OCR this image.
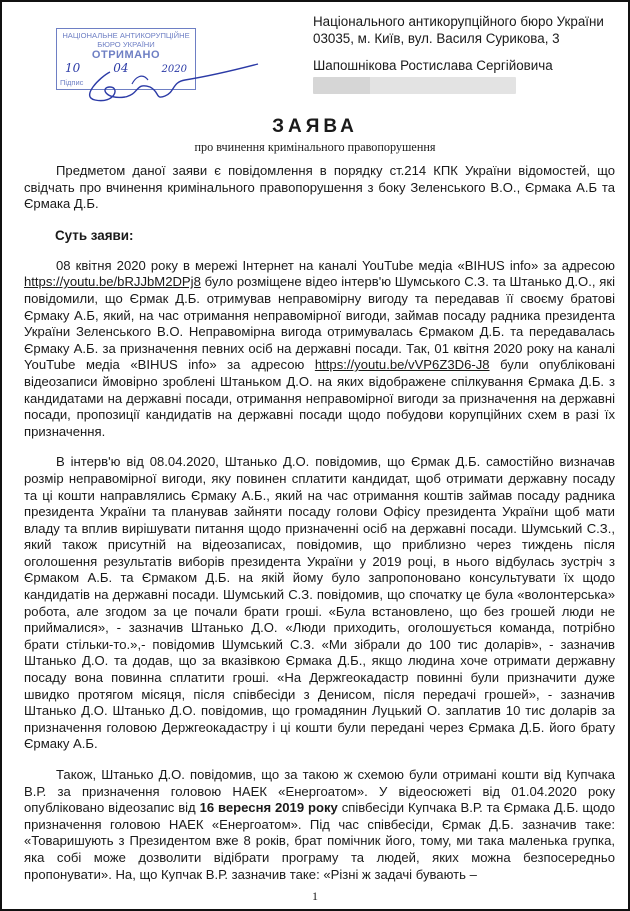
НАЦІОНАЛЬНЕ АНТИКОРУПЦІЙНЕ
БЮРО УКРАЇНИ
ОТРИМАНО
10	04	2020
Підпис
Національного антикорупційного бюро України
03035, м. Київ, вул. Василя Сурикова, 3
Шапошнікова Ростислава Сергійовича
ЗАЯВА
про вчинення кримінального правопорушення

Предметом даної заяви є повідомлення в порядку ст.214 КПК України відомостей, що свідчать про вчинення кримінального правопорушення з боку Зеленського В.О., Єрмака А.Б та Єрмака Д.Б.

Суть заяви:

08 квітня 2020 року в мережі Інтернет на каналі YouTube медіа «BIHUS info» за адресою https://youtu.be/bRJJbM2DPj8 було розміщене відео інтерв'ю Шумського С.З. та Штанько Д.О., які повідомили, що Єрмак Д.Б. отримував неправомірну вигоду та передавав її своєму братові Єрмаку А.Б, який, на час отримання неправомірної вигоди, займав посаду радника президента України Зеленського В.О. Неправомірна вигода отримувалась Єрмаком Д.Б. та передавалась Єрмаку А.Б. за призначення певних осіб на державні посади. Так, 01 квітня 2020 року на каналі YouTube медіа «BIHUS info» за адресою https://youtu.be/vVP6Z3D6-J8 були опубліковані відеозаписи ймовірно зроблені Штаньком Д.О. на яких відображене спілкування Єрмака Д.Б. з кандидатами на державні посади, отримання неправомірної вигоди за призначення на державні посади, пропозиції кандидатів на державні посади щодо побудови корупційних схем в разі їх призначення.

В інтерв'ю від 08.04.2020, Штанько Д.О. повідомив, що Єрмак Д.Б. самостійно визначав розмір неправомірної вигоди, яку повинен сплатити кандидат, щоб отримати державну посаду та ці кошти направлялись Єрмаку А.Б., який на час отримання коштів займав посаду радника президента України та планував зайняти посаду голови Офісу президента України щоб мати владу та вплив вирішувати питання щодо призначенні осіб на державні посади. Шумський С.З., який також присутній на відеозаписах, повідомив, що приблизно через тиждень після оголошення результатів виборів президента України у 2019 році, в нього відбулась зустріч з Єрмаком А.Б. та Єрмаком Д.Б. на якій йому було запропоновано консультувати їх щодо кандидатів на державні посади. Шумський С.З. повідомив, що спочатку це була «волонтерська» робота, але згодом за це почали брати гроші. «Була встановлено, що без грошей люди не приймалися», - зазначив Штанько Д.О. «Люди приходить, оголошується команда, потрібно брати стільки-то.»,- повідомив Шумський С.З. «Ми зібрали до 100 тис доларів», - зазначив Штанько Д.О. та додав, що за вказівкою Єрмака Д.Б., якщо людина хоче отримати державну посаду вона повинна сплатити гроші. «На Держгеокадастр повинні були призначити дуже швидко протягом місяця, після співбесіди з Денисом, після передачі грошей», - зазначив Штанько Д.О. Штанько Д.О. повідомив, що громадянин Луцький О. заплатив 10 тис доларів за призначення головою Держгеокадастру і ці кошти були передані через Єрмака Д.Б. його брату Єрмаку А.Б.

Також, Штанько Д.О. повідомив, що за такою ж схемою були отримані кошти від Купчака В.Р. за призначення головою НАЕК «Енергоатом». У відеосюжеті від 01.04.2020 року опубліковано відеозапис від 16 вересня 2019 року співбесіди Купчака В.Р. та Єрмака Д.Б. щодо призначення головою НАЕК «Енергоатом». Під час співбесіди, Єрмак Д.Б. зазначив таке: «Товаришують з Президентом вже 8 років, брат помічник його, тому, ми така маленька групка, яка собі може дозволити відібрати програму та людей, яких можна безпосередньо пропонувати». На, що Купчак В.Р. зазначив таке: «Різні ж задачі бувають –

1
